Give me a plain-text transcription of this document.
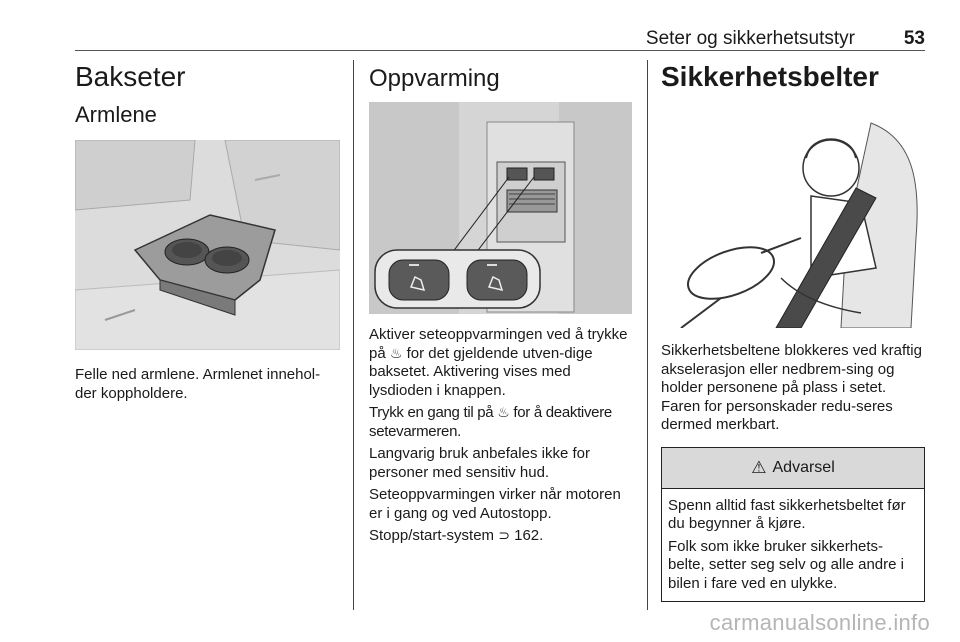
Seter og sikkerhetsutstyr	53
Bakseter
Armlene

Felle ned armlene. Armlenet innehol-der koppholdere.

Oppvarming

Aktiver seteoppvarmingen ved å trykke på ♨ for det gjeldende utven-dige baksetet. Aktivering vises med lysdioden i knappen.

Trykk en gang til på ♨ for å deaktivere setevarmeren.

Langvarig bruk anbefales ikke for personer med sensitiv hud.

Seteoppvarmingen virker når motoren er i gang og ved Autostopp.

Stopp/start-system ⊃ 162.

Sikkerhetsbelter

Sikkerhetsbeltene blokkeres ved kraftig akselerasjon eller nedbrem-sing og holder personene på plass i setet. Faren for personskader redu-seres dermed merkbart.

⚠ Advarsel

Spenn alltid fast sikkerhetsbeltet før du begynner å kjøre.

Folk som ikke bruker sikkerhets-belte, setter seg selv og alle andre i bilen i fare ved en ulykke.

carmanualsonline.info
